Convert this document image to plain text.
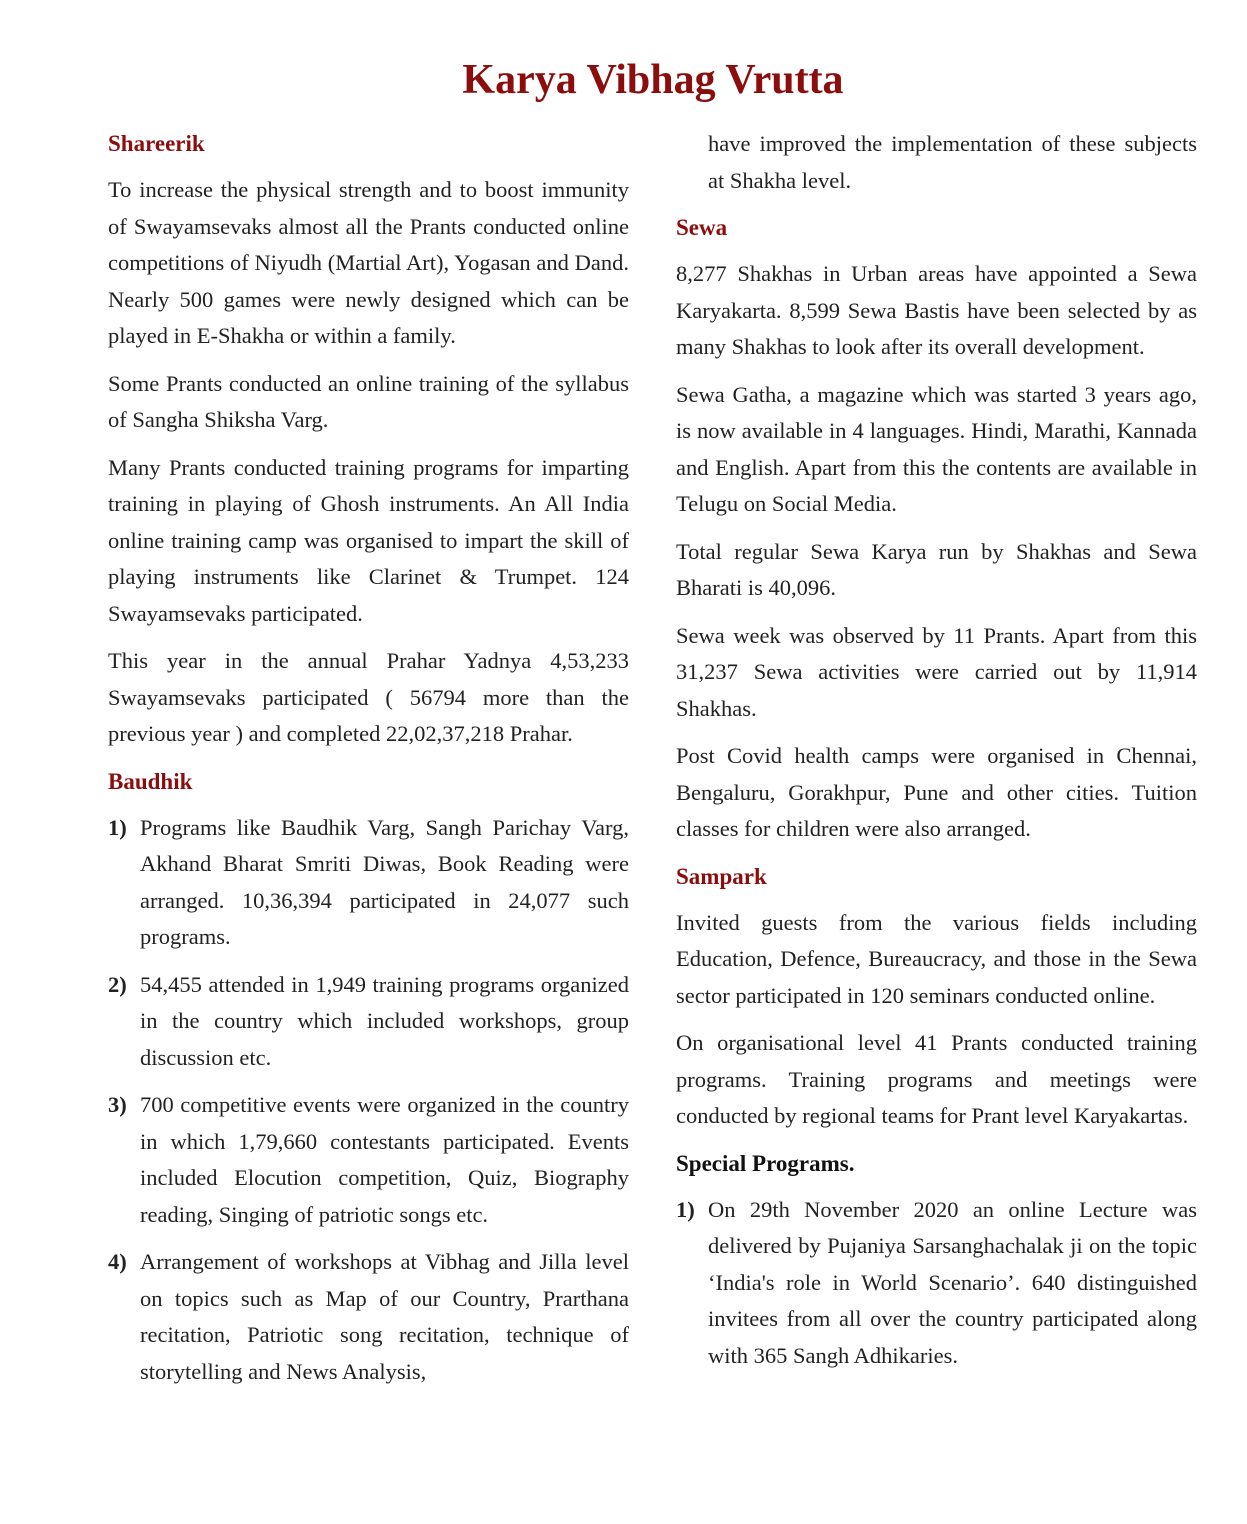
Karya Vibhag Vrutta
Shareerik

To increase the physical strength and to boost immunity of Swayamsevaks almost all the Prants conducted online competitions of Niyudh (Martial Art), Yogasan and Dand. Nearly 500 games were newly designed which can be played in E-Shakha or within a family.

Some Prants conducted an online training of the syllabus of Sangha Shiksha Varg.

Many Prants conducted training programs for imparting training in playing of Ghosh instruments. An All India online training camp was organised to impart the skill of playing instruments like Clarinet & Trumpet. 124 Swayamsevaks participated.

This year in the annual Prahar Yadnya 4,53,233 Swayamsevaks participated ( 56794 more than the previous year ) and completed 22,02,37,218 Prahar.

Baudhik
1) Programs like Baudhik Varg, Sangh Parichay Varg, Akhand Bharat Smriti Diwas, Book Reading were arranged. 10,36,394 participated in 24,077 such programs.
2) 54,455 attended in 1,949 training programs organized in the country which included workshops, group discussion etc.
3) 700 competitive events were organized in the country in which 1,79,660 contestants participated. Events included Elocution competition, Quiz, Biography reading, Singing of patriotic songs etc.
4) Arrangement of workshops at Vibhag and Jilla level on topics such as Map of our Country, Prarthana recitation, Patriotic song recitation, technique of storytelling and News Analysis,

have improved the implementation of these subjects at Shakha level.

Sewa

8,277 Shakhas in Urban areas have appointed a Sewa Karyakarta. 8,599 Sewa Bastis have been selected by as many Shakhas to look after its overall development.

Sewa Gatha, a magazine which was started 3 years ago, is now available in 4 languages. Hindi, Marathi, Kannada and English. Apart from this the contents are available in Telugu on Social Media.

Total regular Sewa Karya run by Shakhas and Sewa Bharati is 40,096.

Sewa week was observed by 11 Prants. Apart from this 31,237 Sewa activities were carried out by 11,914 Shakhas.

Post Covid health camps were organised in Chennai, Bengaluru, Gorakhpur, Pune and other cities. Tuition classes for children were also arranged.

Sampark

Invited guests from the various fields including Education, Defence, Bureaucracy, and those in the Sewa sector participated in 120 seminars conducted online.

On organisational level 41 Prants conducted training programs. Training programs and meetings were conducted by regional teams for Prant level Karyakartas.

Special Programs.
1) On 29th November 2020 an online Lecture was delivered by Pujaniya Sarsanghachalak ji on the topic ‘India's role in World Scenario’. 640 distinguished invitees from all over the country participated along with 365 Sangh Adhikaries.
